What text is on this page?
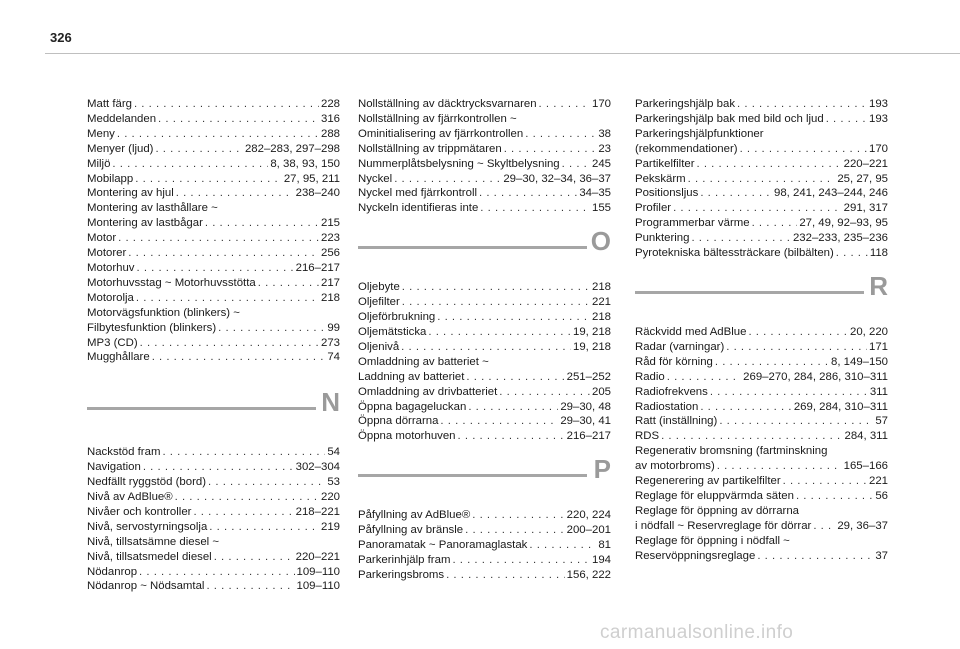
326
Matt färg . . .	228
Meddelanden . . .	316
Meny . . .	288
Menyer (ljud) . . .	282–283, 297–298
Miljö . . .	8, 38, 93, 150
Mobilapp . . .	27, 95, 211
Montering av hjul . . .	238–240
Montering av lasthållare ~
Montering av lastbågar . . .	215
Motor . . .	223
Motorer . . .	256
Motorhuv . . .	216–217
Motorhuvsstag ~ Motorhuvsstötta . . .	217
Motorolja . . .	218
Motorvägsfunktion (blinkers) ~
Filbytesfunktion (blinkers) . . .	99
MP3 (CD) . . .	273
Mugghållare . . .	74
N
Nackstöd fram . . .	54
Navigation . . .	302–304
Nedfällt ryggstöd (bord) . . .	53
Nivå av AdBlue® . . .	220
Nivåer och kontroller . . .	218–221
Nivå, servostyrningsolja . . .	219
Nivå, tillsatsämne diesel ~
Nivå, tillsatsmedel diesel . . .	220–221
Nödanrop . . .	109–110
Nödanrop ~ Nödsamtal . . .	109–110
Nollställning av däcktrycksvarnaren . . .	170
Nollställning av fjärrkontrollen ~
Ominitialisering av fjärrkontrollen . . .	38
Nollställning av trippmätaren . . .	23
Nummerplåtsbelysning ~ Skyltbelysning . . .	245
Nyckel . . .	29–30, 32–34, 36–37
Nyckel med fjärrkontroll . . .	34–35
Nyckeln identifieras inte . . .	155
O
Oljebyte . . .	218
Oljefilter . . .	221
Oljeförbrukning . . .	218
Oljemätsticka . . .	19, 218
Oljenivå . . .	19, 218
Omladdning av batteriet ~
Laddning av batteriet . . .	251–252
Omladdning av drivbatteriet . . .	205
Öppna bagageluckan . . .	29–30, 48
Öppna dörrarna . . .	29–30, 41
Öppna motorhuven . . .	216–217
P
Påfyllning av AdBlue® . . .	220, 224
Påfyllning av bränsle . . .	200–201
Panoramatak ~ Panoramaglastak . . .	81
Parkerinhjälp fram . . .	194
Parkeringsbroms . . .	156, 222
Parkeringshjälp bak . . .	193
Parkeringshjälp bak med bild och ljud . . .	193
Parkeringshjälpfunktioner
(rekommendationer) . . .	170
Partikelfilter . . .	220–221
Pekskärm . . .	25, 27, 95
Positionsljus . . .	98, 241, 243–244, 246
Profiler . . .	291, 317
Programmerbar värme . . .	27, 49, 92–93, 95
Punktering . . .	232–233, 235–236
Pyrotekniska bältessträckare (bilbälten) . . .	118
R
Räckvidd med AdBlue . . .	20, 220
Radar (varningar) . . .	171
Råd för körning . . .	8, 149–150
Radio . . .	269–270, 284, 286, 310–311
Radiofrekvens . . .	311
Radiostation . . .	269, 284, 310–311
Ratt (inställning) . . .	57
RDS . . .	284, 311
Regenerativ bromsning (fartminskning
av motorbroms) . . .	165–166
Regenerering av partikelfilter . . .	221
Reglage för eluppvärmda säten . . .	56
Reglage för öppning av dörrarna
i nödfall ~ Reservreglage för dörrar . . . 29, 36–37
Reglage för öppning i nödfall ~
Reservöppningsreglage . . .	37
carmanualsonline.info
